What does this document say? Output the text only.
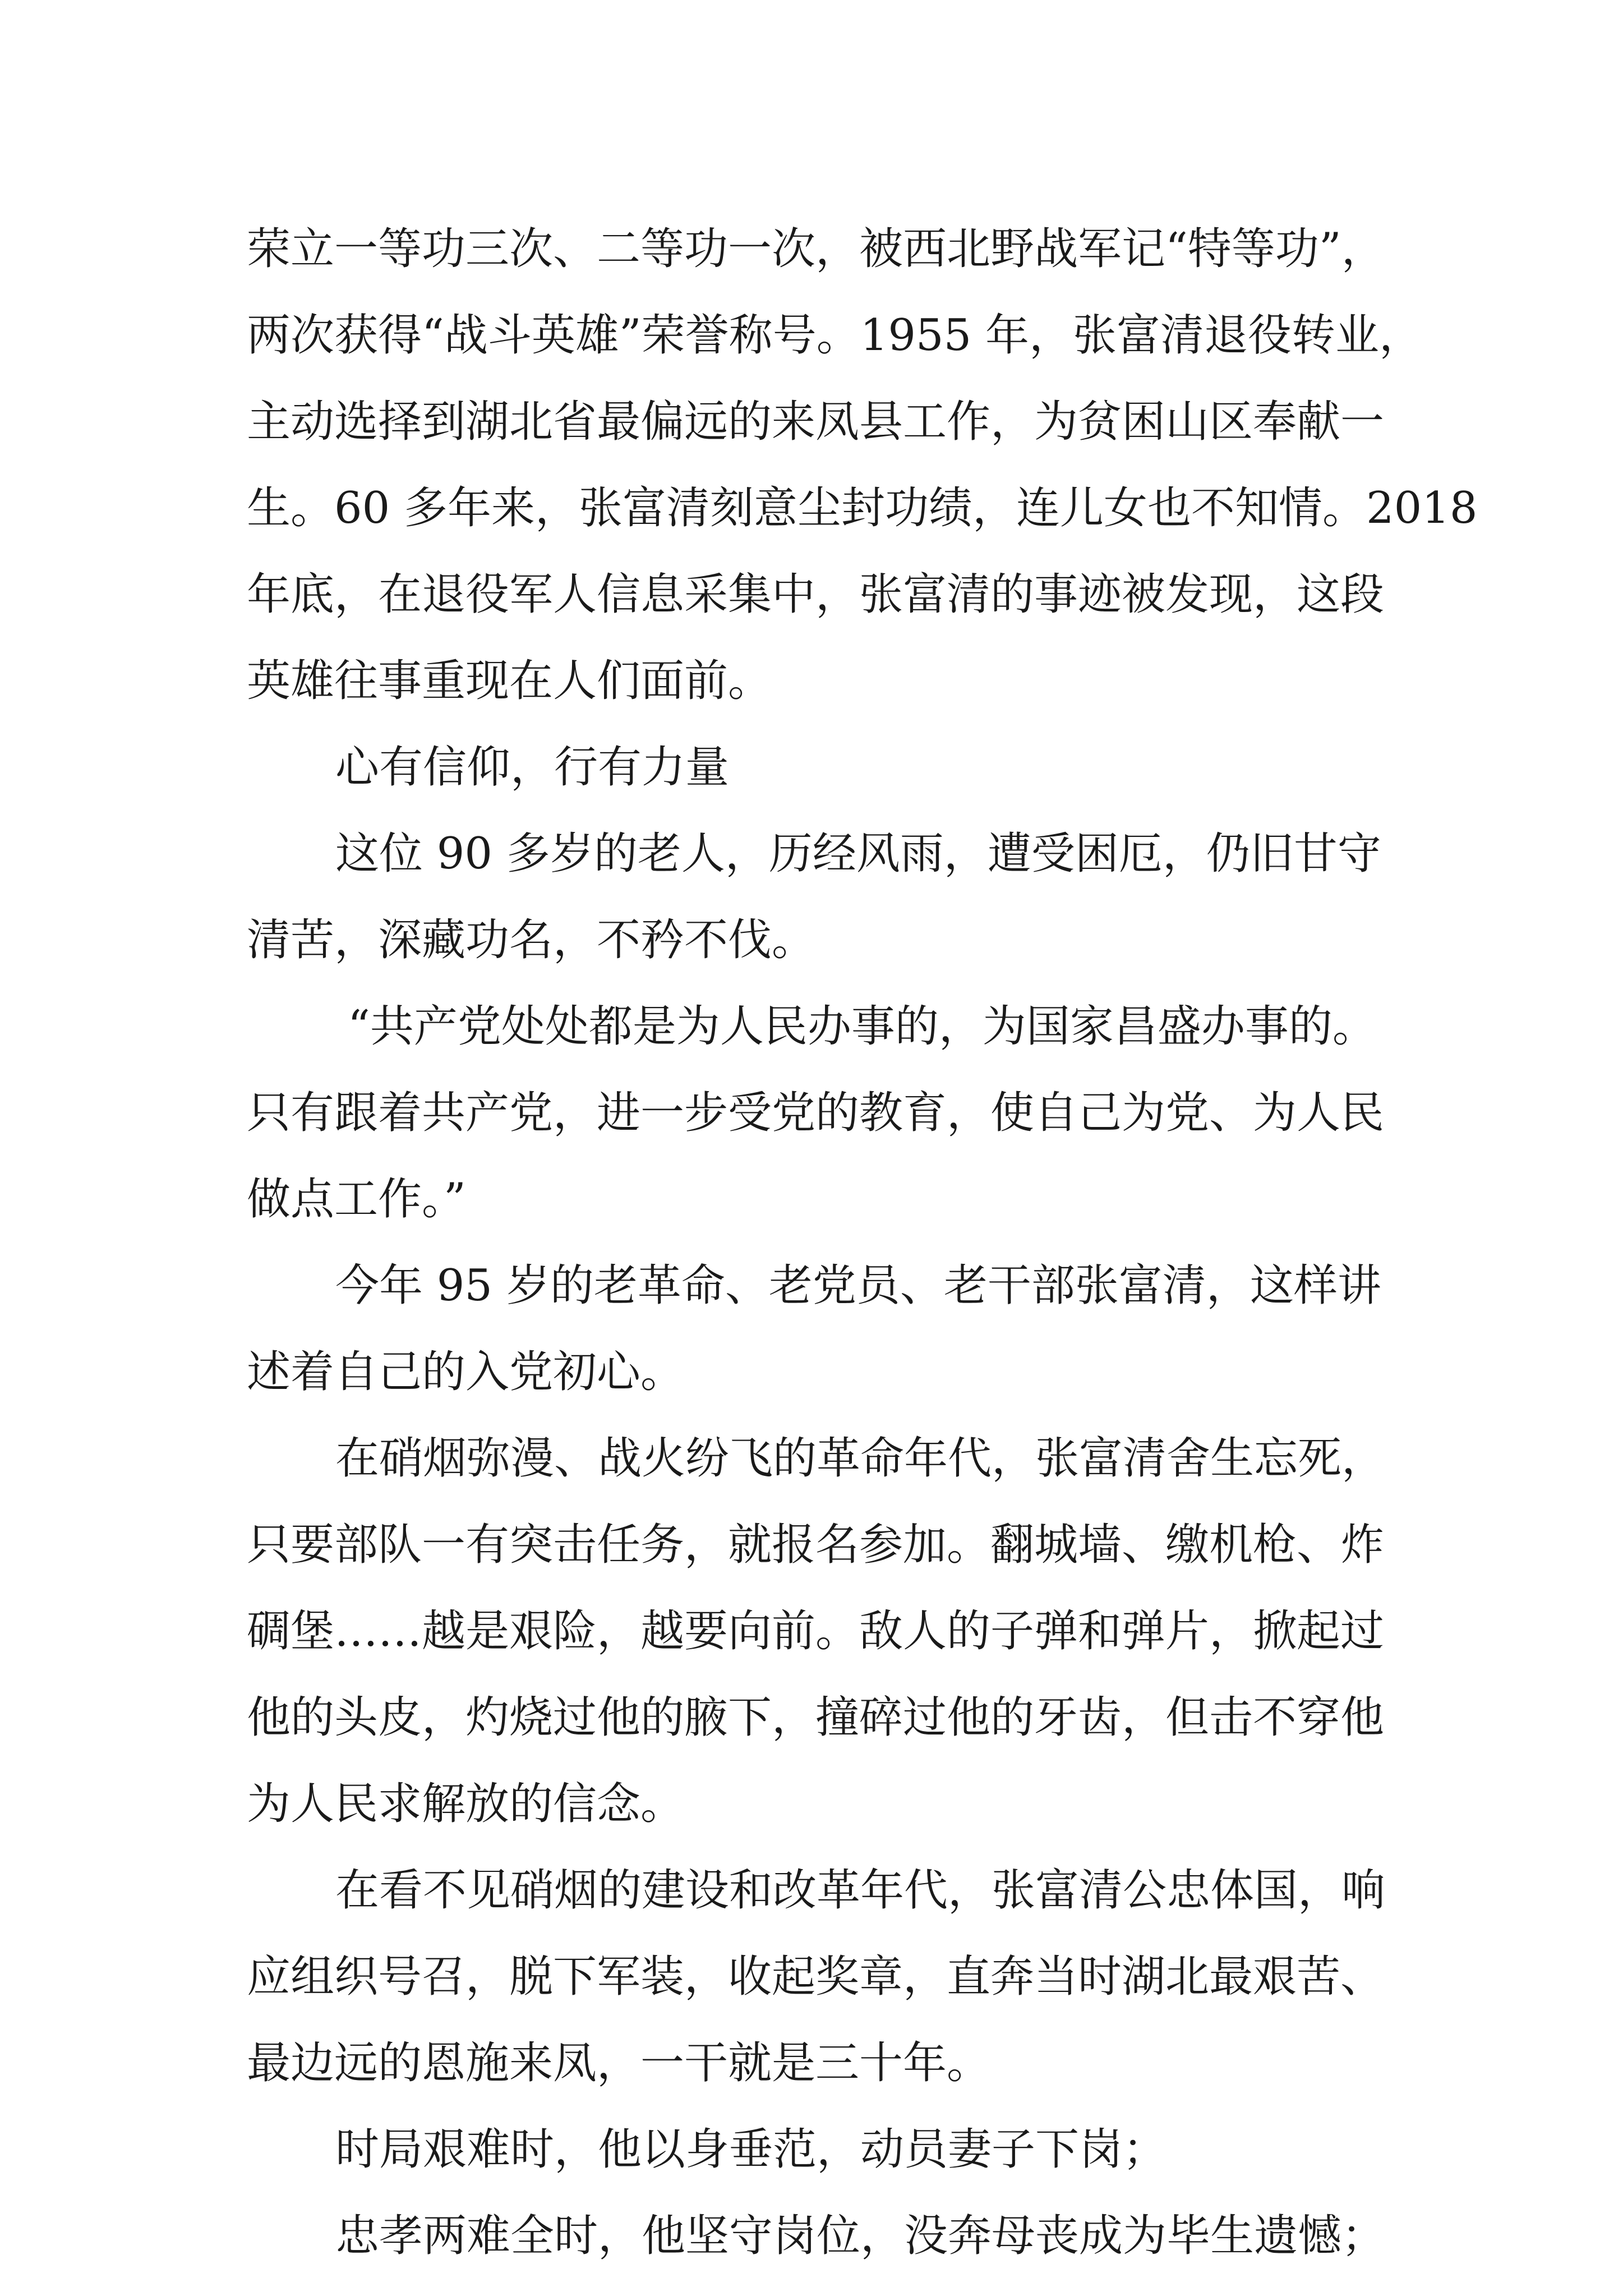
荣立一等功三次、二等功一次，被西北野战军记“特等功”，

两次获得“战斗英雄”荣誉称号。1955 年，张富清退役转业，

主动选择到湖北省最偏远的来凤县工作，为贫困山区奉献一

生。60 多年来，张富清刻意尘封功绩，连儿女也不知情。2018

年底，在退役军人信息采集中，张富清的事迹被发现，这段

英雄往事重现在人们面前。

心有信仰，行有力量

这位 90 多岁的老人，历经风雨，遭受困厄，仍旧甘守

清苦，深藏功名，不矜不伐。

“共产党处处都是为人民办事的，为国家昌盛办事的。

只有跟着共产党，进一步受党的教育，使自己为党、为人民

做点工作。”

今年 95 岁的老革命、老党员、老干部张富清，这样讲

述着自己的入党初心。

在硝烟弥漫、战火纷飞的革命年代，张富清舍生忘死，

只要部队一有突击任务，就报名参加。翻城墙、缴机枪、炸

碉堡……越是艰险，越要向前。敌人的子弹和弹片，掀起过

他的头皮，灼烧过他的腋下，撞碎过他的牙齿，但击不穿他

为人民求解放的信念。

在看不见硝烟的建设和改革年代，张富清公忠体国，响

应组织号召，脱下军装，收起奖章，直奔当时湖北最艰苦、

最边远的恩施来凤，一干就是三十年。

时局艰难时，他以身垂范，动员妻子下岗；

忠孝两难全时，他坚守岗位，没奔母丧成为毕生遗憾；
